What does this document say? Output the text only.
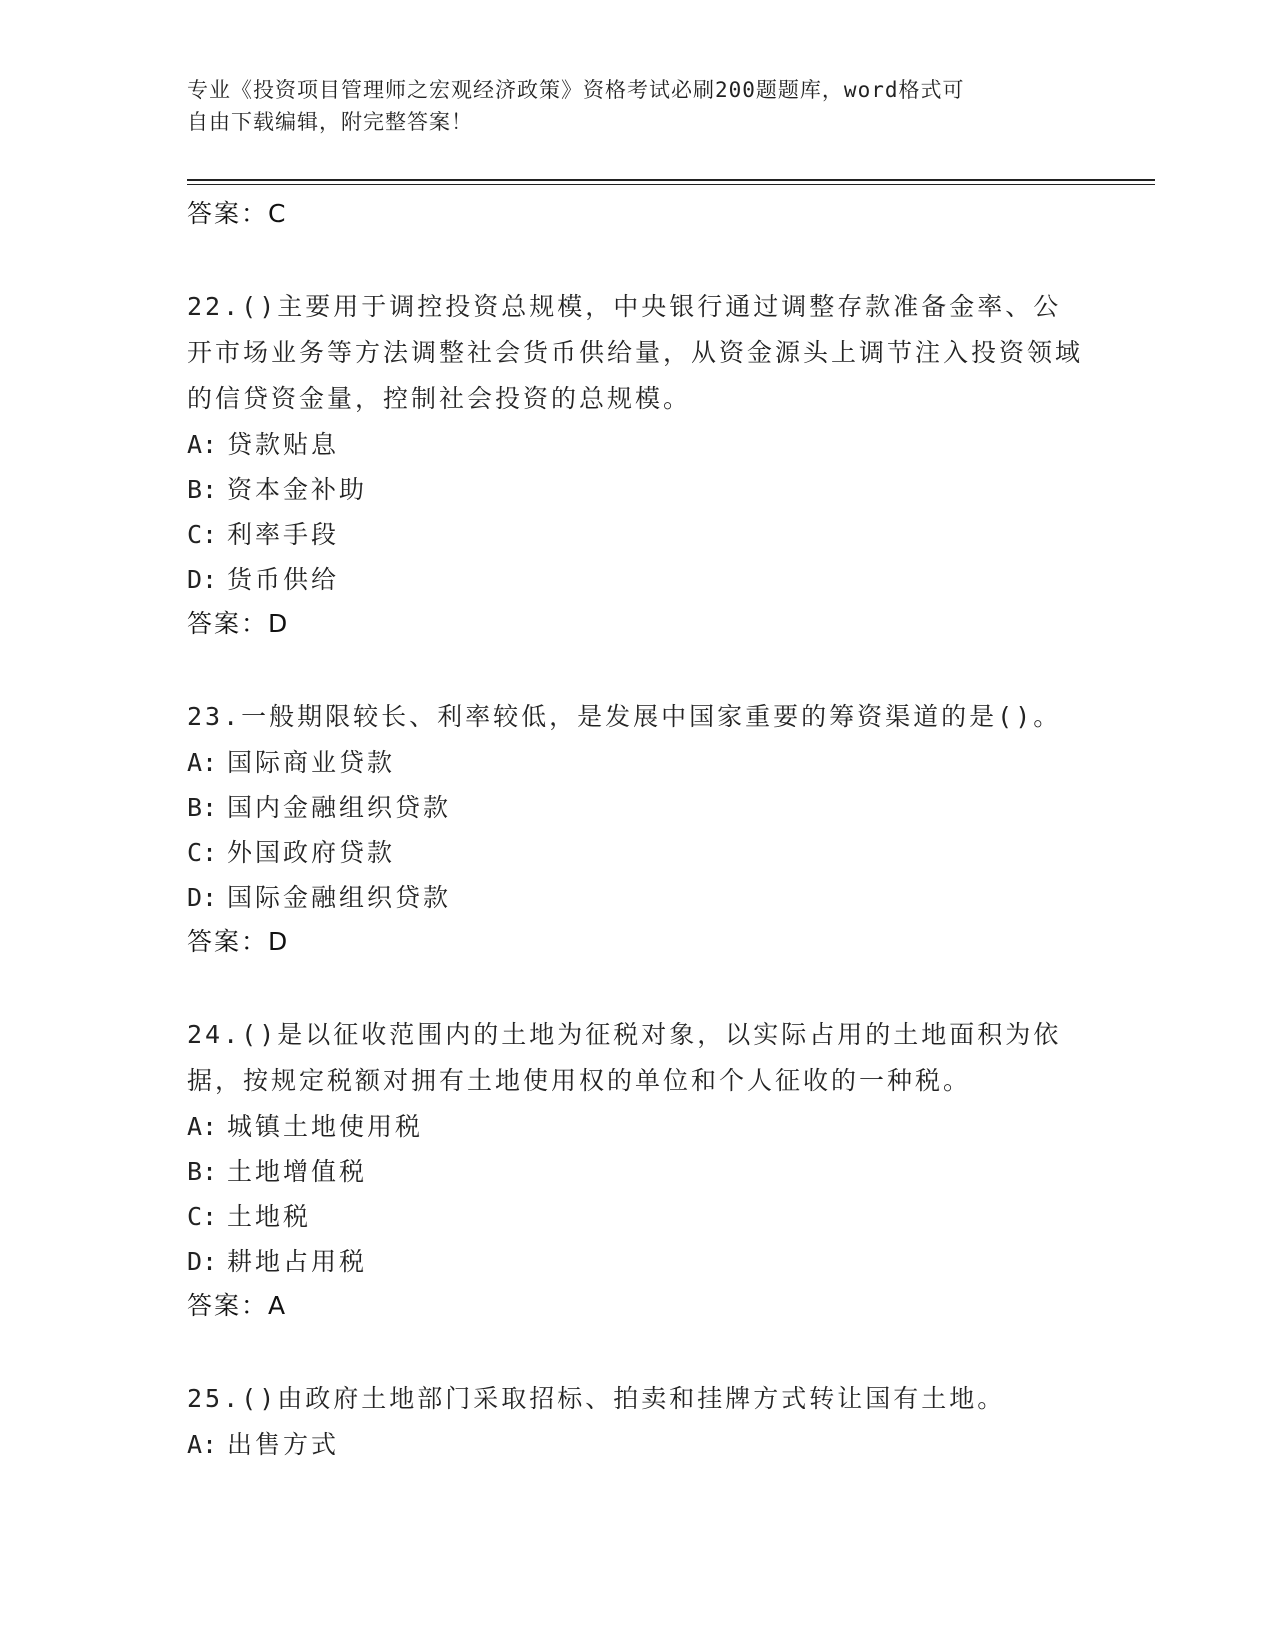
专业《投资项目管理师之宏观经济政策》资格考试必刷200题题库，word格式可
自由下载编辑，附完整答案！
答案：C
22.()主要用于调控投资总规模，中央银行通过调整存款准备金率、公开市场业务等方法调整社会货币供给量，从资金源头上调节注入投资领域的信贷资金量，控制社会投资的总规模。
A: 贷款贴息
B: 资本金补助
C: 利率手段
D: 货币供给
答案：D
23.一般期限较长、利率较低，是发展中国家重要的筹资渠道的是()。
A: 国际商业贷款
B: 国内金融组织贷款
C: 外国政府贷款
D: 国际金融组织贷款
答案：D
24.()是以征收范围内的土地为征税对象，以实际占用的土地面积为依据，按规定税额对拥有土地使用权的单位和个人征收的一种税。
A: 城镇土地使用税
B: 土地增值税
C: 土地税
D: 耕地占用税
答案：A
25.()由政府土地部门采取招标、拍卖和挂牌方式转让国有土地。
A: 出售方式
